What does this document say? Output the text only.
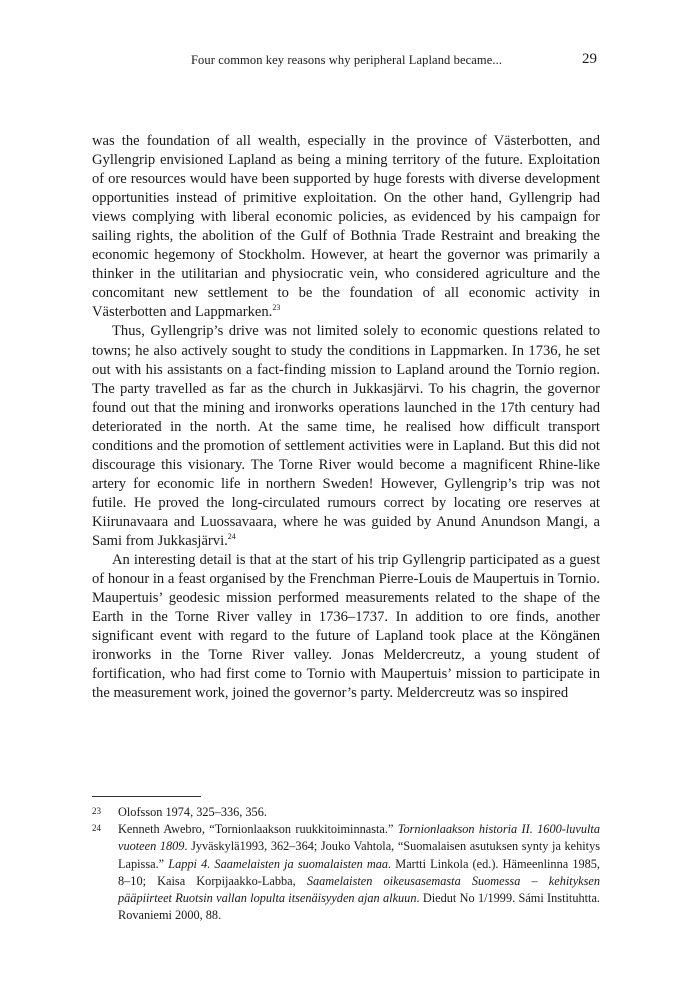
Four common key reasons why peripheral Lapland became...	29

was the foundation of all wealth, especially in the province of Västerbotten, and Gyllengrip envisioned Lapland as being a mining territory of the future. Exploitation of ore resources would have been supported by huge forests with diverse development opportunities instead of primitive exploitation. On the other hand, Gyllengrip had views complying with liberal economic policies, as evidenced by his campaign for sailing rights, the abolition of the Gulf of Bothnia Trade Restraint and breaking the economic hegemony of Stockholm. However, at heart the governor was primarily a thinker in the utilitarian and physiocratic vein, who considered agriculture and the concomitant new settlement to be the foundation of all economic activity in Västerbotten and Lappmarken.$^{23}$

Thus, Gyllengrip’s drive was not limited solely to economic questions related to towns; he also actively sought to study the conditions in Lappmarken. In 1736, he set out with his assistants on a fact-finding mission to Lapland around the Tornio region. The party travelled as far as the church in Jukkasjärvi. To his chagrin, the governor found out that the mining and ironworks operations launched in the 17th century had deteriorated in the north. At the same time, he realised how difficult transport conditions and the promotion of settlement activities were in Lapland. But this did not discourage this visionary. The Torne River would become a magnificent Rhine-like artery for economic life in northern Sweden! However, Gyllengrip’s trip was not futile. He proved the long-circulated rumours correct by locating ore reserves at Kiirunavaara and Luossavaara, where he was guided by Anund Anundson Mangi, a Sami from Jukkasjärvi.$^{24}$

An interesting detail is that at the start of his trip Gyllengrip participated as a guest of honour in a feast organised by the Frenchman Pierre-Louis de Maupertuis in Tornio. Maupertuis’ geodesic mission performed measurements related to the shape of the Earth in the Torne River valley in 1736–1737. In addition to ore finds, another significant event with regard to the future of Lapland took place at the Köngänen ironworks in the Torne River valley. Jonas Meldercreutz, a young student of fortification, who had first come to Tornio with Maupertuis’ mission to participate in the measurement work, joined the governor’s party. Meldercreutz was so inspired

23 Olofsson 1974, 325–336, 356.
24 Kenneth Awebro, “Tornionlaakson ruukkitoiminnasta.” Tornionlaakson historia II. 1600-luvulta vuoteen 1809. Jyväskylä1993, 362–364; Jouko Vahtola, “Suomalaisen asutuksen synty ja kehitys Lapissa.” Lappi 4. Saamelaisten ja suomalaisten maa. Martti Linkola (ed.). Hämeenlinna 1985, 8–10; Kaisa Korpijaakko-Labba, Saamelaisten oikeusasemasta Suomessa – kehityksen pääpiirteet Ruotsin vallan lopulta itsenäisyyden ajan alkuun. Diedut No 1/1999. Sámi Instituhtta. Rovaniemi 2000, 88.
